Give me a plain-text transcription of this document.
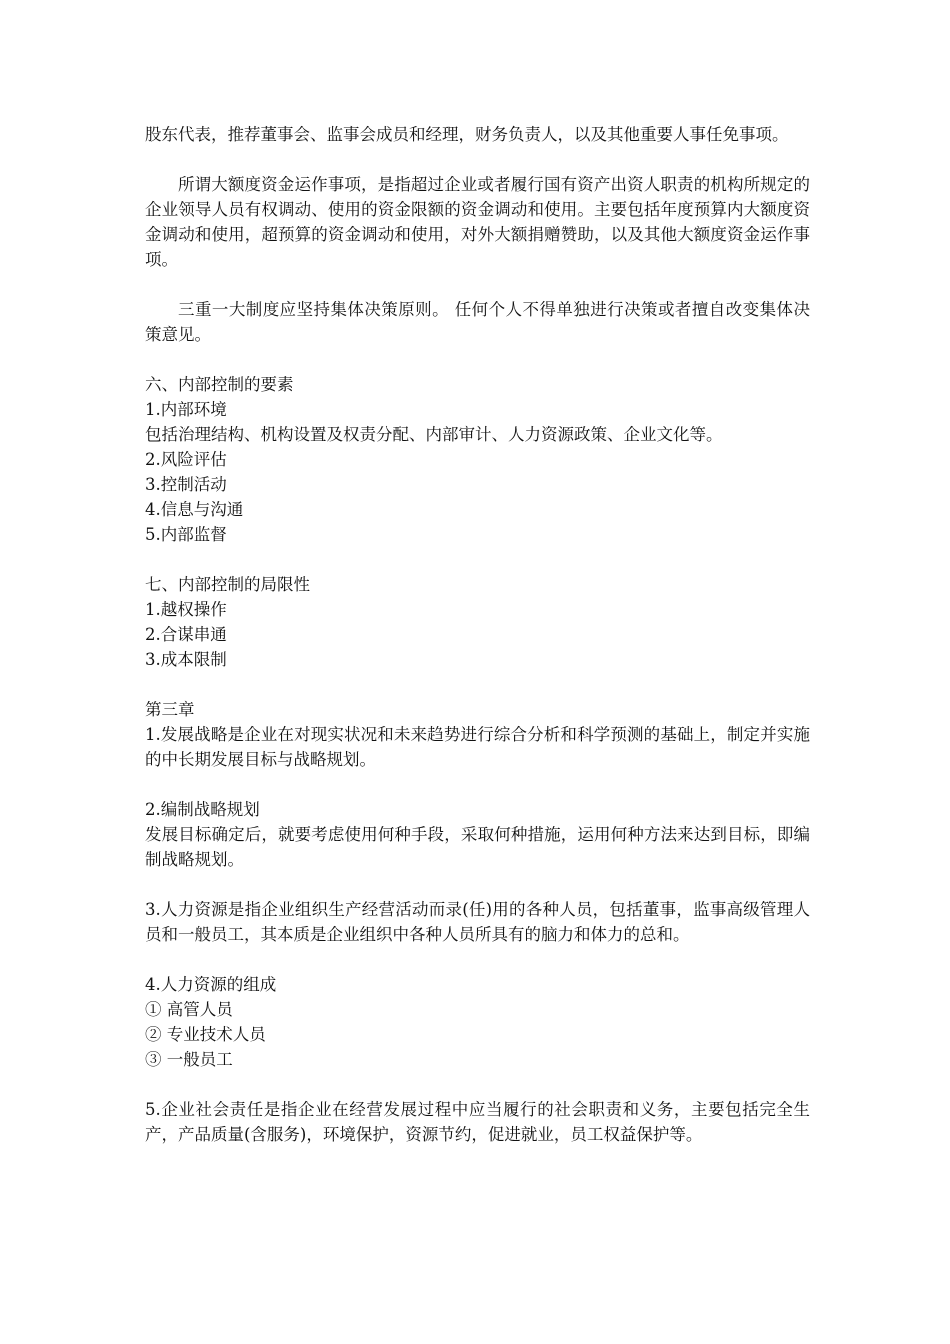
股东代表，推荐董事会、监事会成员和经理，财务负责人，以及其他重要人事任免事项。

所谓大额度资金运作事项，是指超过企业或者履行国有资产出资人职责的机构所规定的企业领导人员有权调动、使用的资金限额的资金调动和使用。主要包括年度预算内大额度资金调动和使用，超预算的资金调动和使用，对外大额捐赠赞助，以及其他大额度资金运作事项。

三重一大制度应坚持集体决策原则。 任何个人不得单独进行决策或者擅自改变集体决策意见。

六、内部控制的要素

1.内部环境

包括治理结构、机构设置及权责分配、内部审计、人力资源政策、企业文化等。

2.风险评估

3.控制活动

4.信息与沟通

5.内部监督

七、内部控制的局限性

1.越权操作

2.合谋串通

3.成本限制

第三章

1.发展战略是企业在对现实状况和未来趋势进行综合分析和科学预测的基础上，制定并实施的中长期发展目标与战略规划。

2.编制战略规划

发展目标确定后，就要考虑使用何种手段，采取何种措施，运用何种方法来达到目标，即编制战略规划。

3.人力资源是指企业组织生产经营活动而录(任)用的各种人员，包括董事，监事高级管理人员和一般员工，其本质是企业组织中各种人员所具有的脑力和体力的总和。

4.人力资源的组成

① 高管人员

② 专业技术人员

③ 一般员工

5.企业社会责任是指企业在经营发展过程中应当履行的社会职责和义务，主要包括完全生产，产品质量(含服务)，环境保护，资源节约，促进就业，员工权益保护等。
